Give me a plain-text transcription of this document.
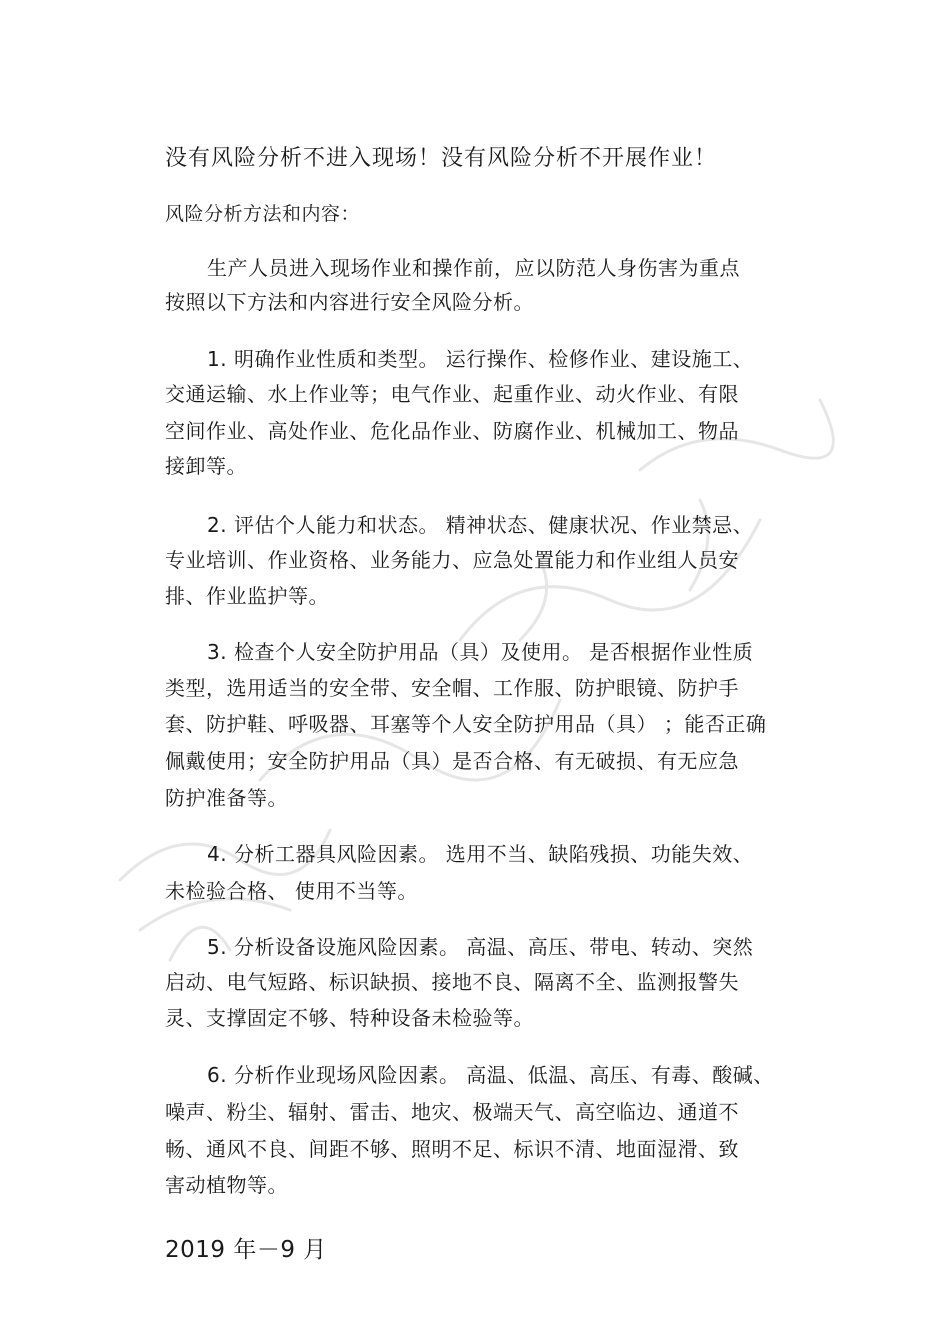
没有风险分析不进入现场！没有风险分析不开展作业！
风险分析方法和内容：
生产人员进入现场作业和操作前，应以防范人身伤害为重点
按照以下方法和内容进行安全风险分析。
1. 明确作业性质和类型。 运行操作、检修作业、建设施工、
交通运输、水上作业等；电气作业、起重作业、动火作业、有限
空间作业、高处作业、危化品作业、防腐作业、机械加工、物品
接卸等。
2. 评估个人能力和状态。 精神状态、健康状况、作业禁忌、
专业培训、作业资格、业务能力、应急处置能力和作业组人员安
排、作业监护等。
3. 检查个人安全防护用品（具）及使用。 是否根据作业性质
类型，选用适当的安全带、安全帽、工作服、防护眼镜、防护手
套、防护鞋、呼吸器、耳塞等个人安全防护用品（具） ；能否正确
佩戴使用；安全防护用品（具）是否合格、有无破损、有无应急
防护准备等。
4. 分析工器具风险因素。 选用不当、缺陷残损、功能失效、
未检验合格、 使用不当等。
5. 分析设备设施风险因素。 高温、高压、带电、转动、突然
启动、电气短路、标识缺损、接地不良、隔离不全、监测报警失
灵、支撑固定不够、特种设备未检验等。
6. 分析作业现场风险因素。 高温、低温、高压、有毒、酸碱、
噪声、粉尘、辐射、雷击、地灾、极端天气、高空临边、通道不
畅、通风不良、间距不够、照明不足、标识不清、地面湿滑、致
害动植物等。
2019 年－9 月
